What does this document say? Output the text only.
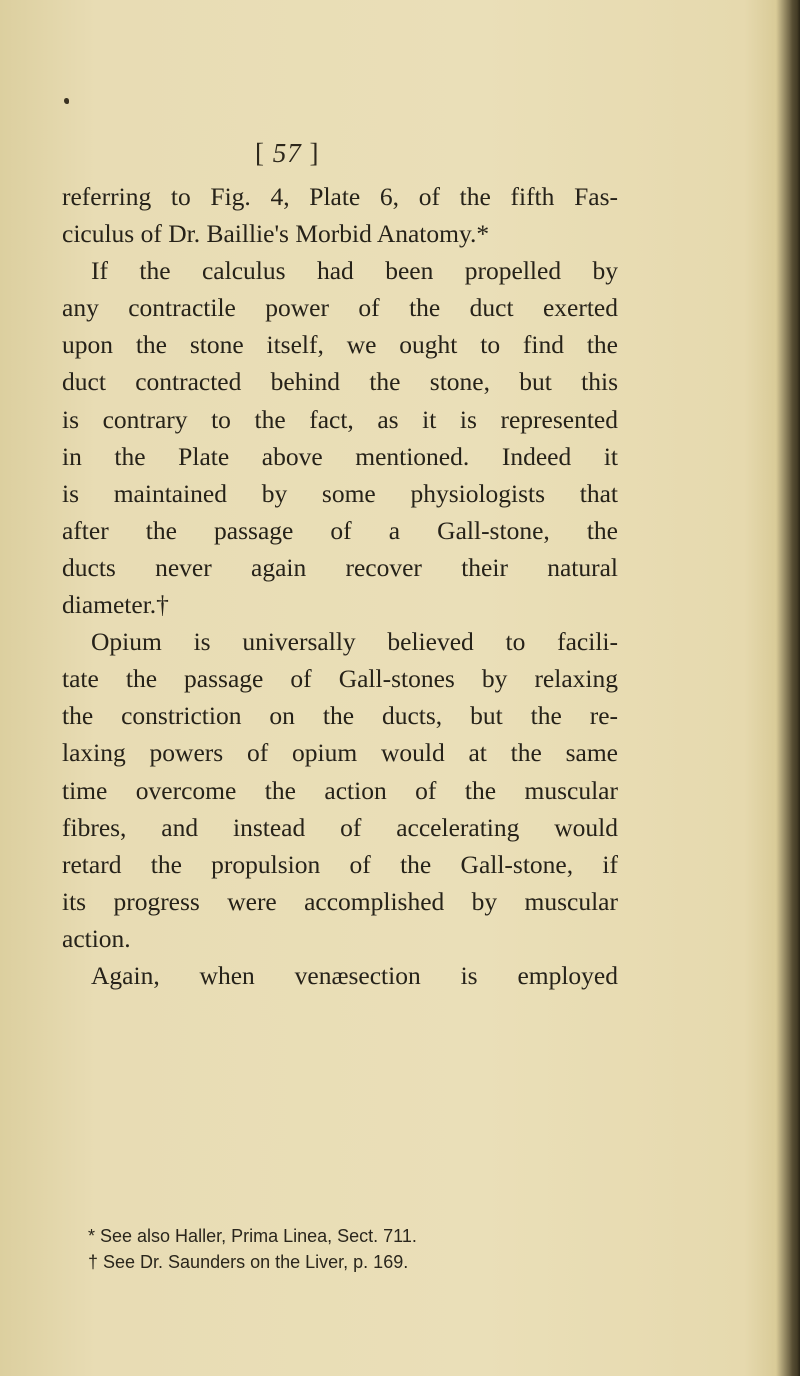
[ 57 ]
referring to Fig. 4, Plate 6, of the fifth Fas-
ciculus of Dr. Baillie's Morbid Anatomy.*
If the calculus had been propelled by
any contractile power of the duct exerted
upon the stone itself, we ought to find the
duct contracted behind the stone, but this
is contrary to the fact, as it is represented
in the Plate above mentioned. Indeed it
is maintained by some physiologists that
after the passage of a Gall-stone, the
ducts never again recover their natural
diameter.†
Opium is universally believed to facili-
tate the passage of Gall-stones by relaxing
the constriction on the ducts, but the re-
laxing powers of opium would at the same
time overcome the action of the muscular
fibres, and instead of accelerating would
retard the propulsion of the Gall-stone, if
its progress were accomplished by muscular
action.
Again, when venæsection is employed
* See also Haller, Prima Linea, Sect. 711.
† See Dr. Saunders on the Liver, p. 169.
